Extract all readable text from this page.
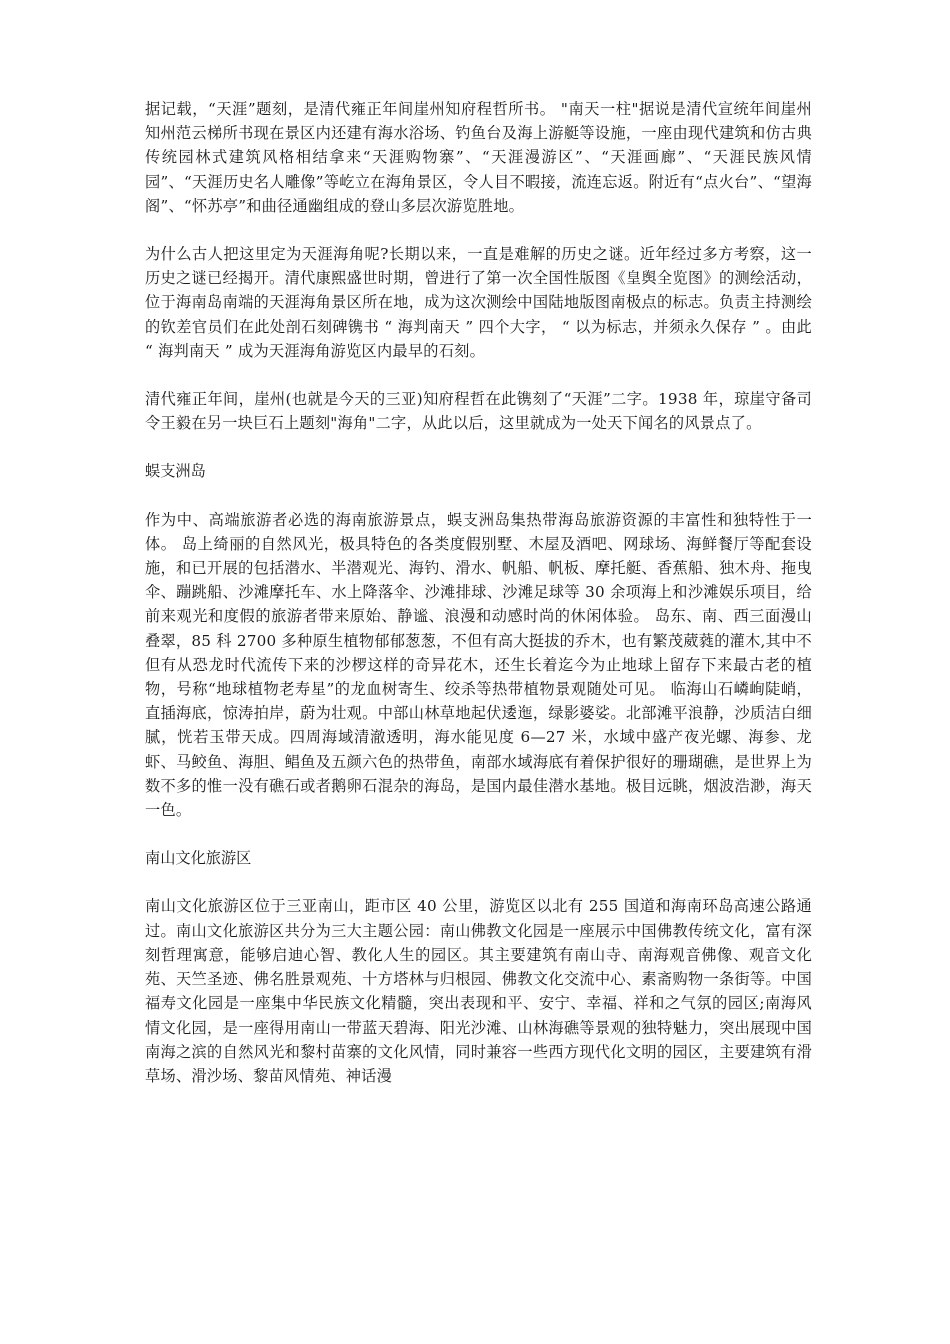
据记载，“天涯”题刻，是清代雍正年间崖州知府程哲所书。 "南天一柱"据说是清代宣统年间崖州知州范云梯所书现在景区内还建有海水浴场、钓鱼台及海上游艇等设施，一座由现代建筑和仿古典传统园林式建筑风格相结拿来“天涯购物寨”、“天涯漫游区”、“天涯画廊”、“天涯民族风情园”、“天涯历史名人雕像”等屹立在海角景区，令人目不暇接，流连忘返。附近有“点火台”、“望海阁”、“怀苏亭”和曲径通幽组成的登山多层次游览胜地。

为什么古人把这里定为天涯海角呢?长期以来，一直是难解的历史之谜。近年经过多方考察，这一历史之谜已经揭开。清代康熙盛世时期，曾进行了第一次全国性版图《皇舆全览图》的测绘活动，位于海南岛南端的天涯海角景区所在地，成为这次测绘中国陆地版图南极点的标志。负责主持测绘的钦差官员们在此处剖石刻碑镌书 “ 海判南天 ” 四个大字， “ 以为标志，并须永久保存 ” 。由此 “ 海判南天 ” 成为天涯海角游览区内最早的石刻。

清代雍正年间，崖州(也就是今天的三亚)知府程哲在此镌刻了“天涯”二字。1938 年，琼崖守备司令王毅在另一块巨石上题刻"海角"二字，从此以后，这里就成为一处天下闻名的风景点了。

蜈支洲岛

作为中、高端旅游者必选的海南旅游景点，蜈支洲岛集热带海岛旅游资源的丰富性和独特性于一体。 岛上绮丽的自然风光，极具特色的各类度假别墅、木屋及酒吧、网球场、海鲜餐厅等配套设施，和已开展的包括潜水、半潜观光、海钓、滑水、帆船、帆板、摩托艇、香蕉船、独木舟、拖曳伞、蹦跳船、沙滩摩托车、水上降落伞、沙滩排球、沙滩足球等 30 余项海上和沙滩娱乐项目，给前来观光和度假的旅游者带来原始、静谧、浪漫和动感时尚的休闲体验。 岛东、南、西三面漫山叠翠，85 科 2700 多种原生植物郁郁葱葱，不但有高大挺拔的乔木，也有繁茂葳蕤的灌木,其中不但有从恐龙时代流传下来的沙椤这样的奇异花木，还生长着迄今为止地球上留存下来最古老的植物，号称“地球植物老寿星”的龙血树寄生、绞杀等热带植物景观随处可见。 临海山石嶙峋陡峭，直插海底，惊涛拍岸，蔚为壮观。中部山林草地起伏逶迤，绿影婆娑。北部滩平浪静，沙质洁白细腻，恍若玉带天成。四周海域清澈透明，海水能见度 6—27 米，水域中盛产夜光螺、海参、龙虾、马鲛鱼、海胆、鲳鱼及五颜六色的热带鱼，南部水域海底有着保护很好的珊瑚礁，是世界上为数不多的惟一没有礁石或者鹅卵石混杂的海岛，是国内最佳潜水基地。极目远眺，烟波浩渺，海天一色。

南山文化旅游区

南山文化旅游区位于三亚南山，距市区 40 公里，游览区以北有 255 国道和海南环岛高速公路通过。南山文化旅游区共分为三大主题公园：南山佛教文化园是一座展示中国佛教传统文化，富有深刻哲理寓意，能够启迪心智、教化人生的园区。其主要建筑有南山寺、南海观音佛像、观音文化苑、天竺圣迹、佛名胜景观苑、十方塔林与归根园、佛教文化交流中心、素斋购物一条街等。中国福寿文化园是一座集中华民族文化精髓，突出表现和平、安宁、幸福、祥和之气氛的园区;南海风情文化园，是一座得用南山一带蓝天碧海、阳光沙滩、山林海礁等景观的独特魅力，突出展现中国南海之滨的自然风光和黎村苗寨的文化风情，同时兼容一些西方现代化文明的园区，主要建筑有滑草场、滑沙场、黎苗风情苑、神话漫
